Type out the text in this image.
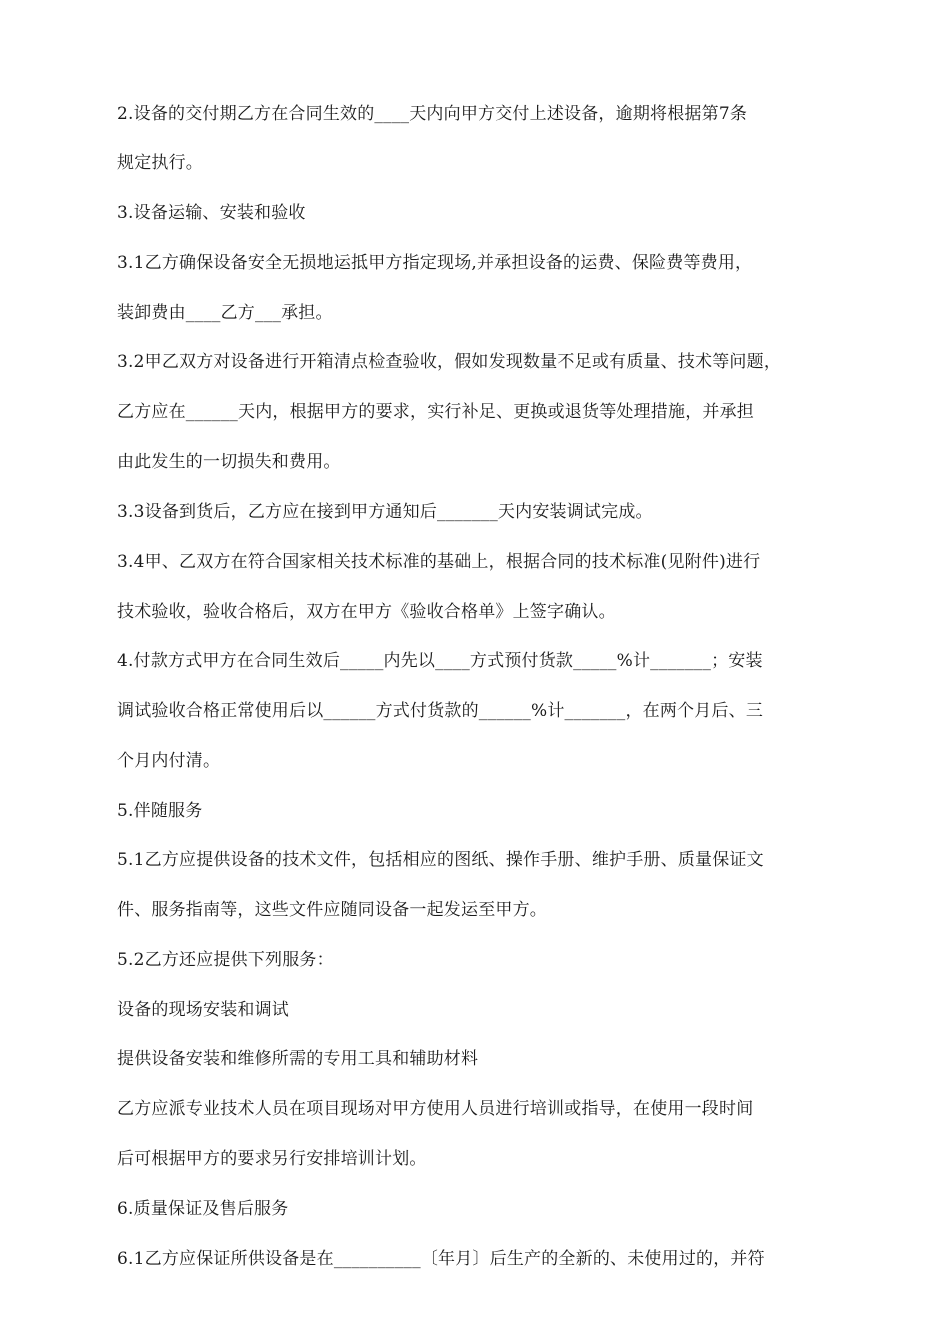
2.设备的交付期乙方在合同生效的____天内向甲方交付上述设备，逾期将根据第7条

规定执行。

3.设备运输、安装和验收

3.1乙方确保设备安全无损地运抵甲方指定现场,并承担设备的运费、保险费等费用，

装卸费由____乙方___承担。

3.2甲乙双方对设备进行开箱清点检查验收，假如发现数量不足或有质量、技术等问题，

乙方应在______天内，根据甲方的要求，实行补足、更换或退货等处理措施，并承担

由此发生的一切损失和费用。

3.3设备到货后，乙方应在接到甲方通知后_______天内安装调试完成。

3.4甲、乙双方在符合国家相关技术标准的基础上，根据合同的技术标准(见附件)进行

技术验收，验收合格后，双方在甲方《验收合格单》上签字确认。

4.付款方式甲方在合同生效后_____内先以____方式预付货款_____%计_______；安装

调试验收合格正常使用后以______方式付货款的______%计_______，在两个月后、三

个月内付清。

5.伴随服务

5.1乙方应提供设备的技术文件，包括相应的图纸、操作手册、维护手册、质量保证文

件、服务指南等，这些文件应随同设备一起发运至甲方。

5.2乙方还应提供下列服务：

设备的现场安装和调试

提供设备安装和维修所需的专用工具和辅助材料

乙方应派专业技术人员在项目现场对甲方使用人员进行培训或指导，在使用一段时间

后可根据甲方的要求另行安排培训计划。

6.质量保证及售后服务

6.1乙方应保证所供设备是在__________〔年月〕后生产的全新的、未使用过的，并符
